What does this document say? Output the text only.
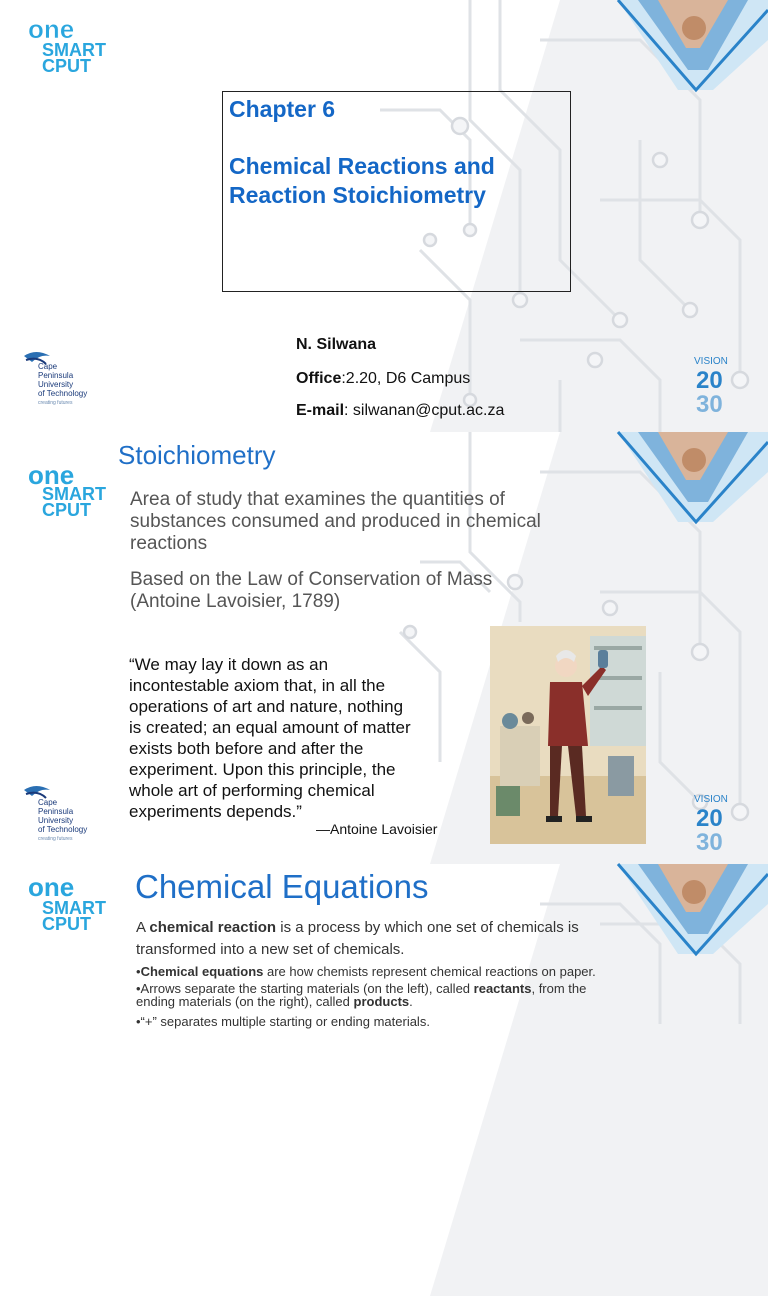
one
SMART
CPUT
Chapter 6
Chemical Reactions and
Reaction Stoichiometry
N. Silwana
Office:2.20, D6 Campus
E-mail: silwanan@cput.ac.za
Cape
Peninsula
University
of Technology
creating futures
VISION
20
30
one
SMART
CPUT
Stoichiometry
Area of study that examines the quantities of
substances consumed and produced in chemical
reactions
Based on the Law of Conservation of Mass
(Antoine Lavoisier, 1789)
“We may lay it down as an
incontestable axiom that, in all the
operations of art and nature, nothing
is created; an equal amount of matter
exists both before and after the
experiment. Upon this principle, the
whole art of performing chemical
experiments depends.”
—Antoine Lavoisier
Cape
Peninsula
University
of Technology
creating futures
VISION
20
30
one
SMART
CPUT
Chemical Equations
A chemical reaction is a process by which one set of chemicals is
transformed into a new set of chemicals.
•Chemical equations are how chemists represent chemical reactions on paper.
•Arrows separate the starting materials (on the left), called reactants, from the
ending materials (on the right), called products.
•“+” separates multiple starting or ending materials.
